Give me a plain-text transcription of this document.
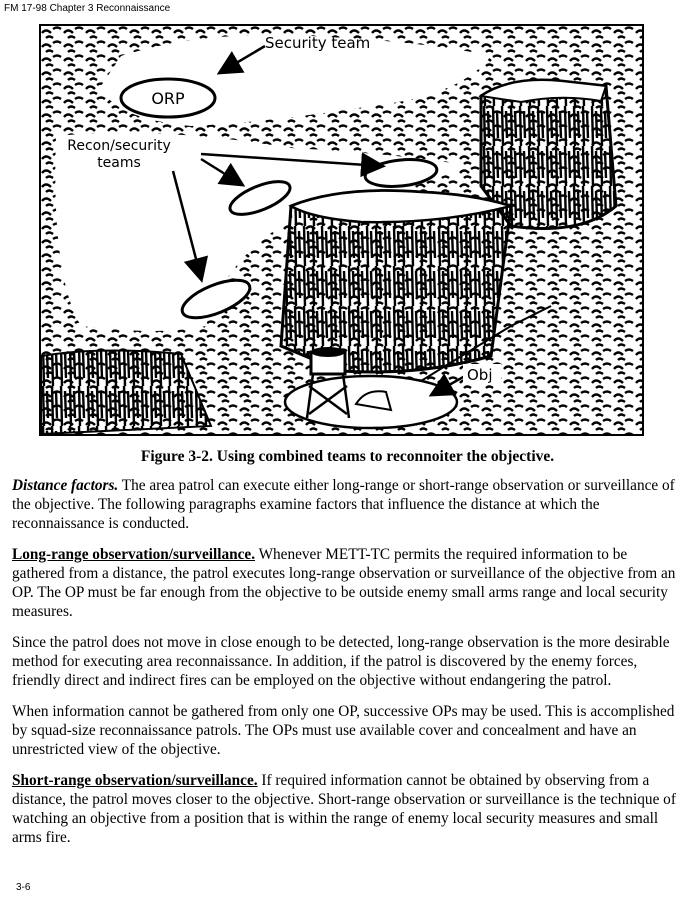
FM 17-98 Chapter 3 Reconnaissance
Security team
ORP
Recon/security
teams
Obj
Figure 3-2. Using combined teams to reconnoiter the objective.

Distance factors. The area patrol can execute either long-range or short-range observation or surveillance of the objective. The following paragraphs examine factors that influence the distance at which the reconnaissance is conducted.

Long-range observation/surveillance. Whenever METT-TC permits the required information to be gathered from a distance, the patrol executes long-range observation or surveillance of the objective from an OP. The OP must be far enough from the objective to be outside enemy small arms range and local security measures.

Since the patrol does not move in close enough to be detected, long-range observation is the more desirable method for executing area reconnaissance. In addition, if the patrol is discovered by the enemy forces, friendly direct and indirect fires can be employed on the objective without endangering the patrol.

When information cannot be gathered from only one OP, successive OPs may be used. This is accomplished by squad-size reconnaissance patrols. The OPs must use available cover and concealment and have an unrestricted view of the objective.

Short-range observation/surveillance. If required information cannot be obtained by observing from a distance, the patrol moves closer to the objective. Short-range observation or surveillance is the technique of watching an objective from a position that is within the range of enemy local security measures and small arms fire.

3-6
